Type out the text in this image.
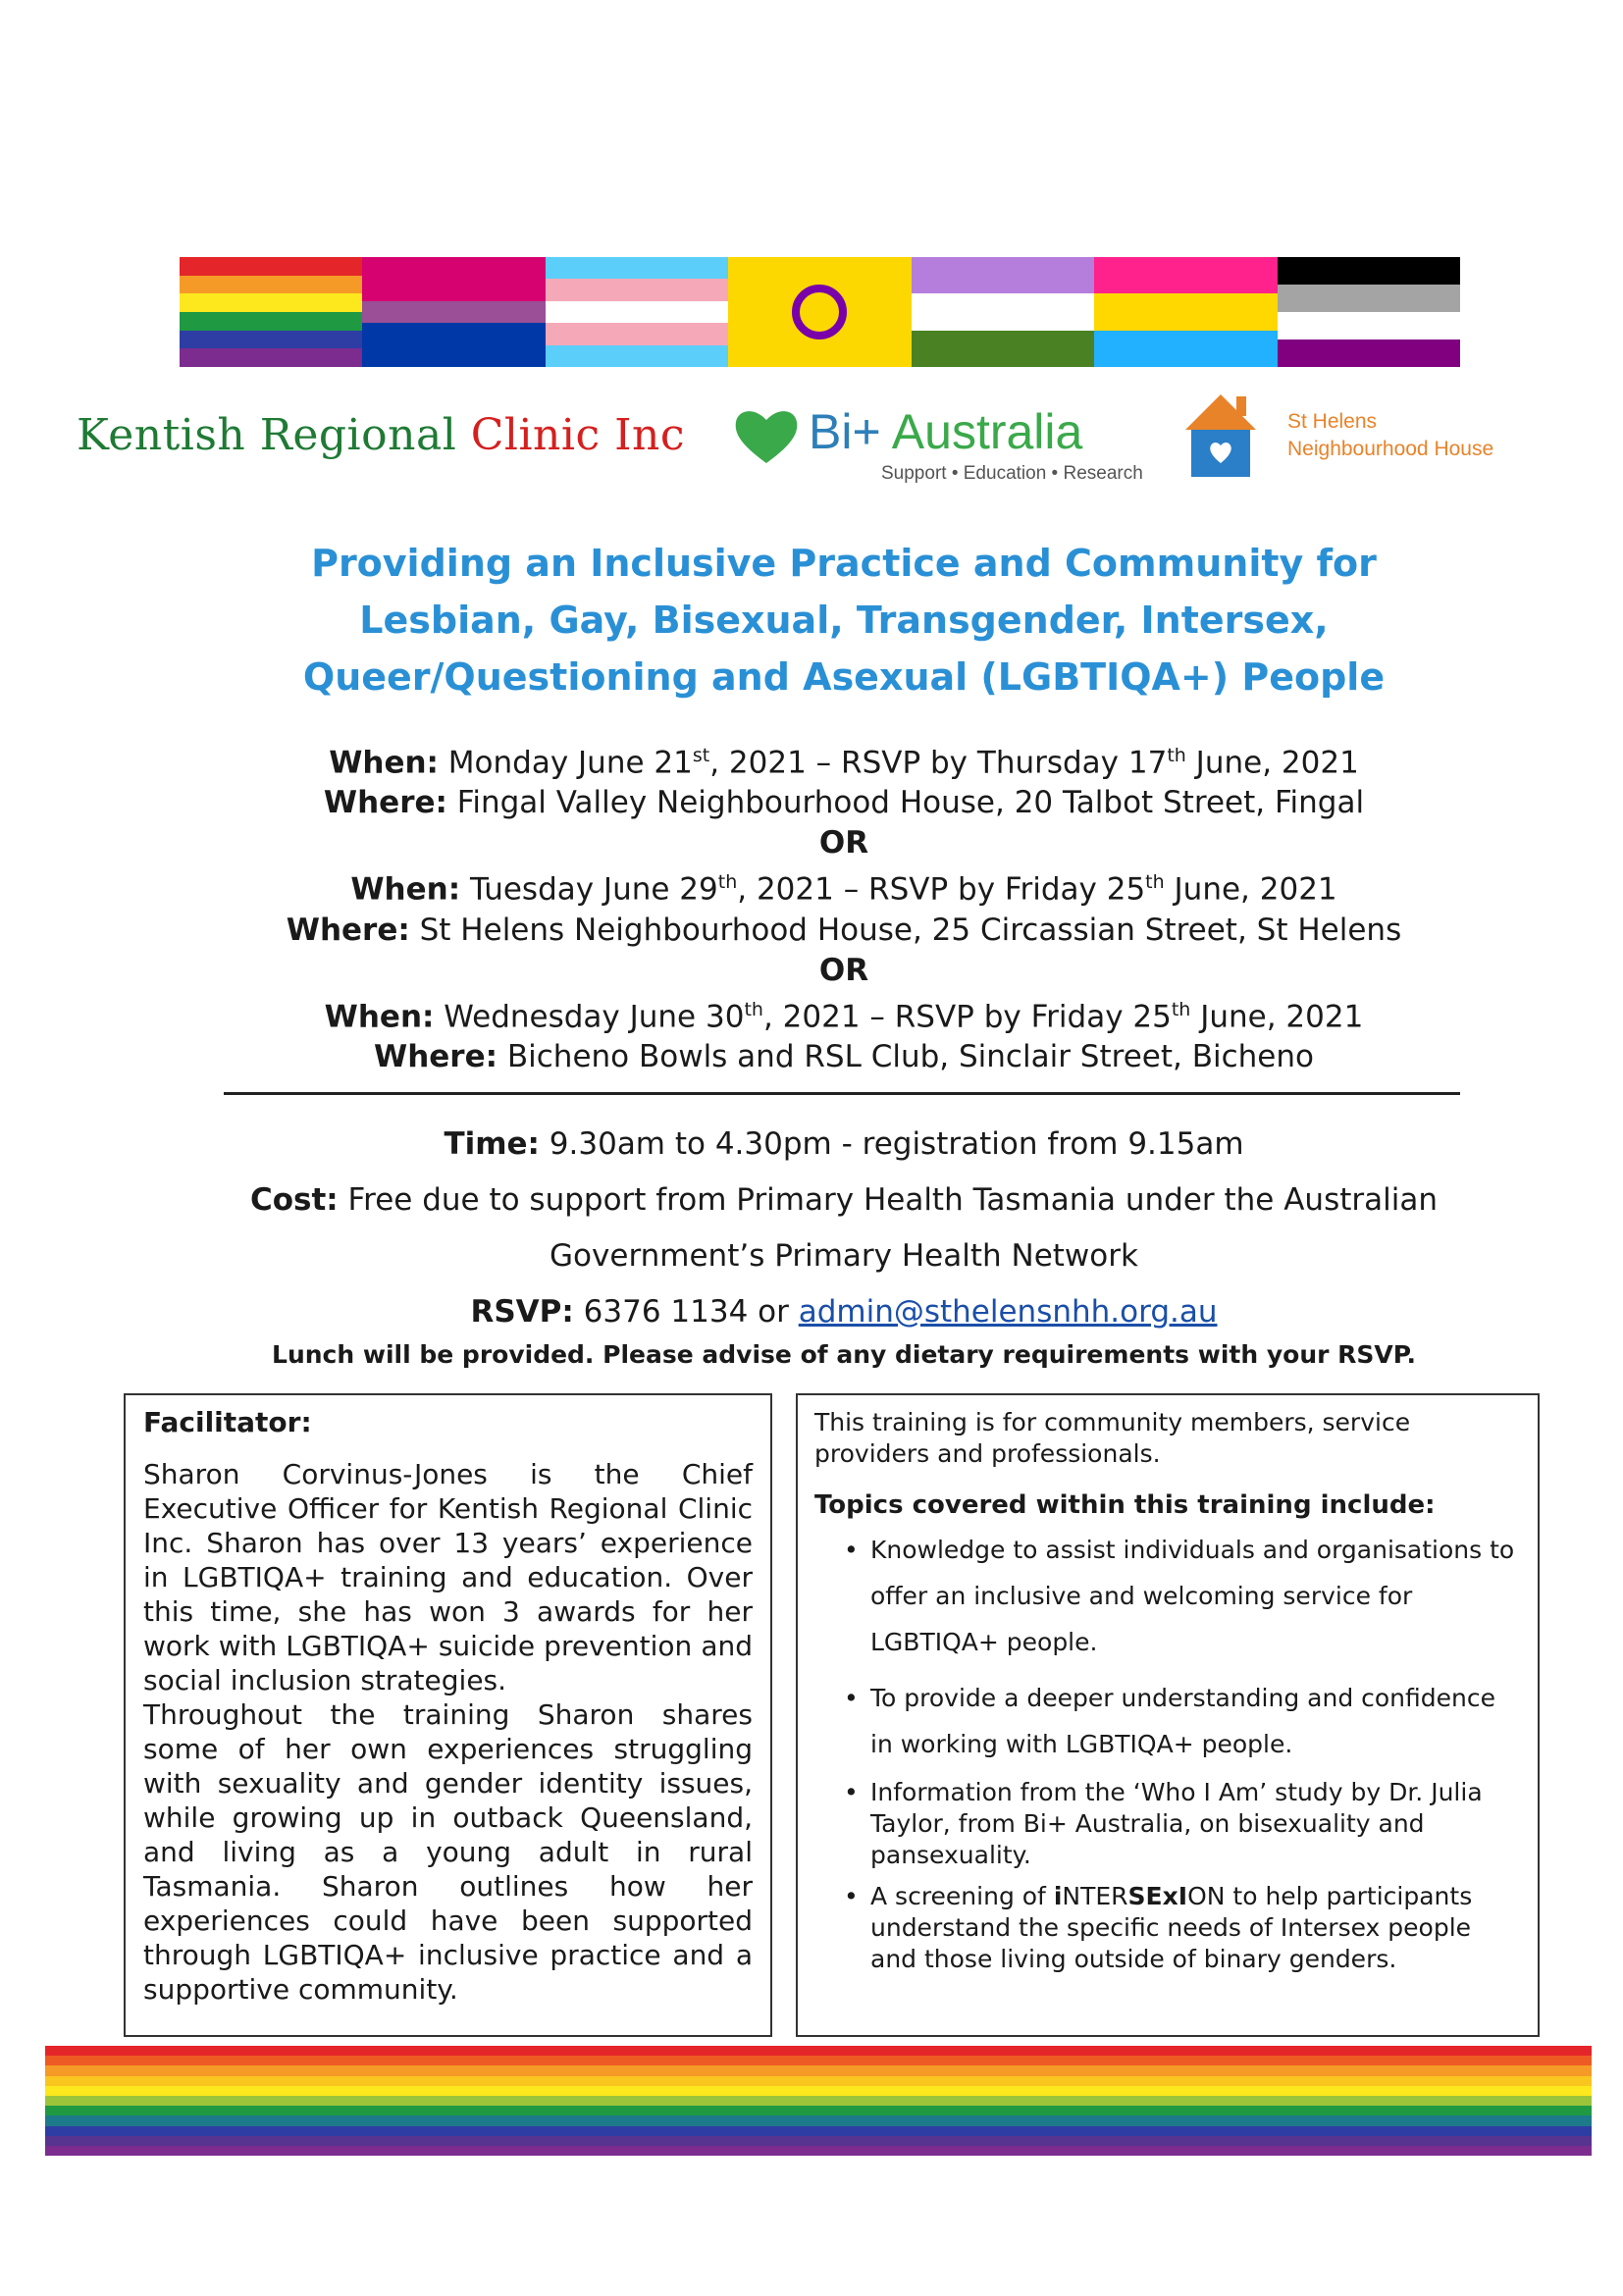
Kentish Regional Clinic Inc	Bi+ Australia
Support • Education • Research
St Helens
Neighbourhood House
Providing an Inclusive Practice and Community for
Lesbian, Gay, Bisexual, Transgender, Intersex,
Queer/Questioning and Asexual (LGBTIQA+) People
When: Monday June 21st, 2021 – RSVP by Thursday 17th June, 2021
Where: Fingal Valley Neighbourhood House, 20 Talbot Street, Fingal
OR
When: Tuesday June 29th, 2021 – RSVP by Friday 25th June, 2021
Where: St Helens Neighbourhood House, 25 Circassian Street, St Helens
OR
When: Wednesday June 30th, 2021 – RSVP by Friday 25th June, 2021
Where: Bicheno Bowls and RSL Club, Sinclair Street, Bicheno
Time: 9.30am to 4.30pm - registration from 9.15am
Cost: Free due to support from Primary Health Tasmania under the Australian
Government’s Primary Health Network
RSVP: 6376 1134 or admin@sthelensnhh.org.au
Lunch will be provided. Please advise of any dietary requirements with your RSVP.
Facilitator:

Sharon Corvinus-Jones is the Chief Executive Officer for Kentish Regional Clinic Inc. Sharon has over 13 years’ experience in LGBTIQA+ training and education. Over this time, she has won 3 awards for her work with LGBTIQA+ suicide prevention and social inclusion strategies.

Throughout the training Sharon shares some of her own experiences struggling with sexuality and gender identity issues, while growing up in outback Queensland, and living as a young adult in rural Tasmania. Sharon outlines how her experiences could have been supported through LGBTIQA+ inclusive practice and a supportive community.

This training is for community members, service providers and professionals.

Topics covered within this training include:
• Knowledge to assist individuals and organisations to offer an inclusive and welcoming service for LGBTIQA+ people.
• To provide a deeper understanding and confidence in working with LGBTIQA+ people.
• Information from the ‘Who I Am’ study by Dr. Julia Taylor, from Bi+ Australia, on bisexuality and pansexuality.
• A screening of iNTERSExION to help participants understand the specific needs of Intersex people and those living outside of binary genders.
